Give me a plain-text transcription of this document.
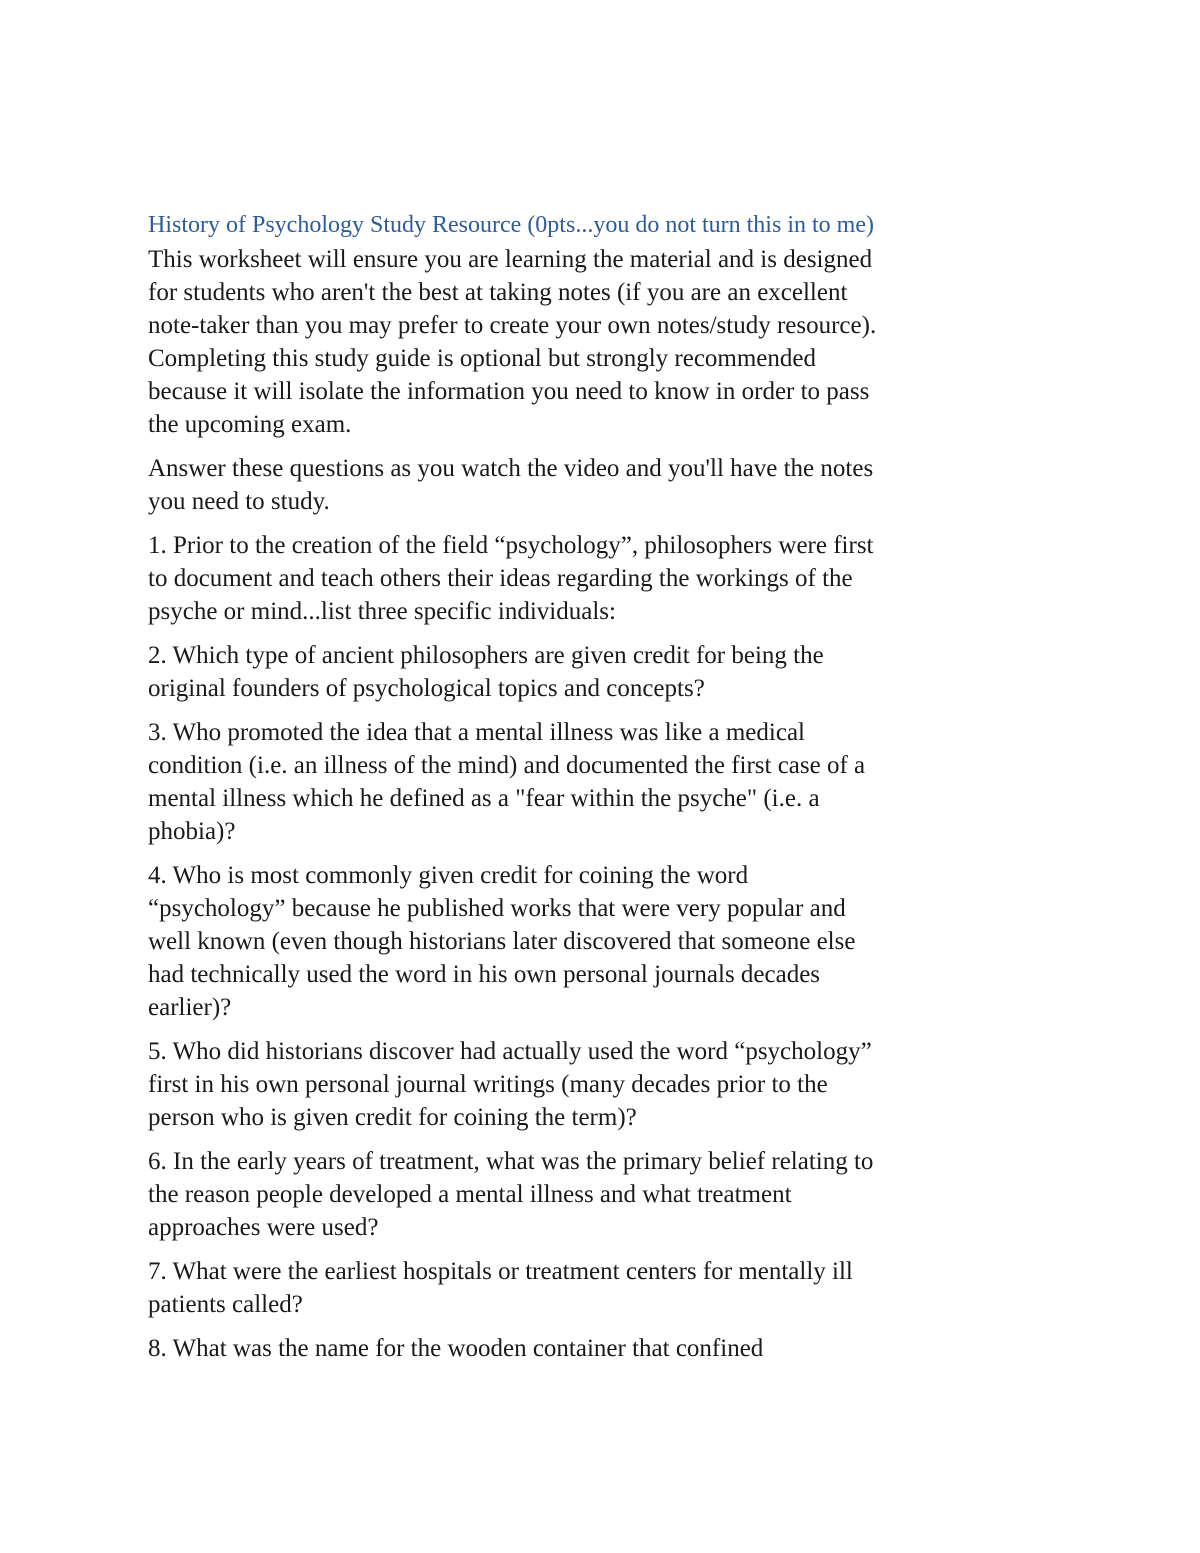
History of Psychology Study Resource (0pts...you do not turn this in to me)

This worksheet will ensure you are learning the material and is designed for students who aren't the best at taking notes (if you are an excellent note-taker than you may prefer to create your own notes/study resource). Completing this study guide is optional but strongly recommended because it will isolate the information you need to know in order to pass the upcoming exam.

Answer these questions as you watch the video and you'll have the notes you need to study.

1. Prior to the creation of the field “psychology”, philosophers were first to document and teach others their ideas regarding the workings of the psyche or mind...list three specific individuals:

2. Which type of ancient philosophers are given credit for being the original founders of psychological topics and concepts?

3. Who promoted the idea that a mental illness was like a medical condition (i.e. an illness of the mind) and documented the first case of a mental illness which he defined as a "fear within the psyche" (i.e. a phobia)?

4. Who is most commonly given credit for coining the word “psychology” because he published works that were very popular and well known (even though historians later discovered that someone else had technically used the word in his own personal journals decades earlier)?

5. Who did historians discover had actually used the word “psychology” first in his own personal journal writings (many decades prior to the person who is given credit for coining the term)?

6. In the early years of treatment, what was the primary belief relating to the reason people developed a mental illness and what treatment approaches were used?

7. What were the earliest hospitals or treatment centers for mentally ill patients called?

8. What was the name for the wooden container that confined
